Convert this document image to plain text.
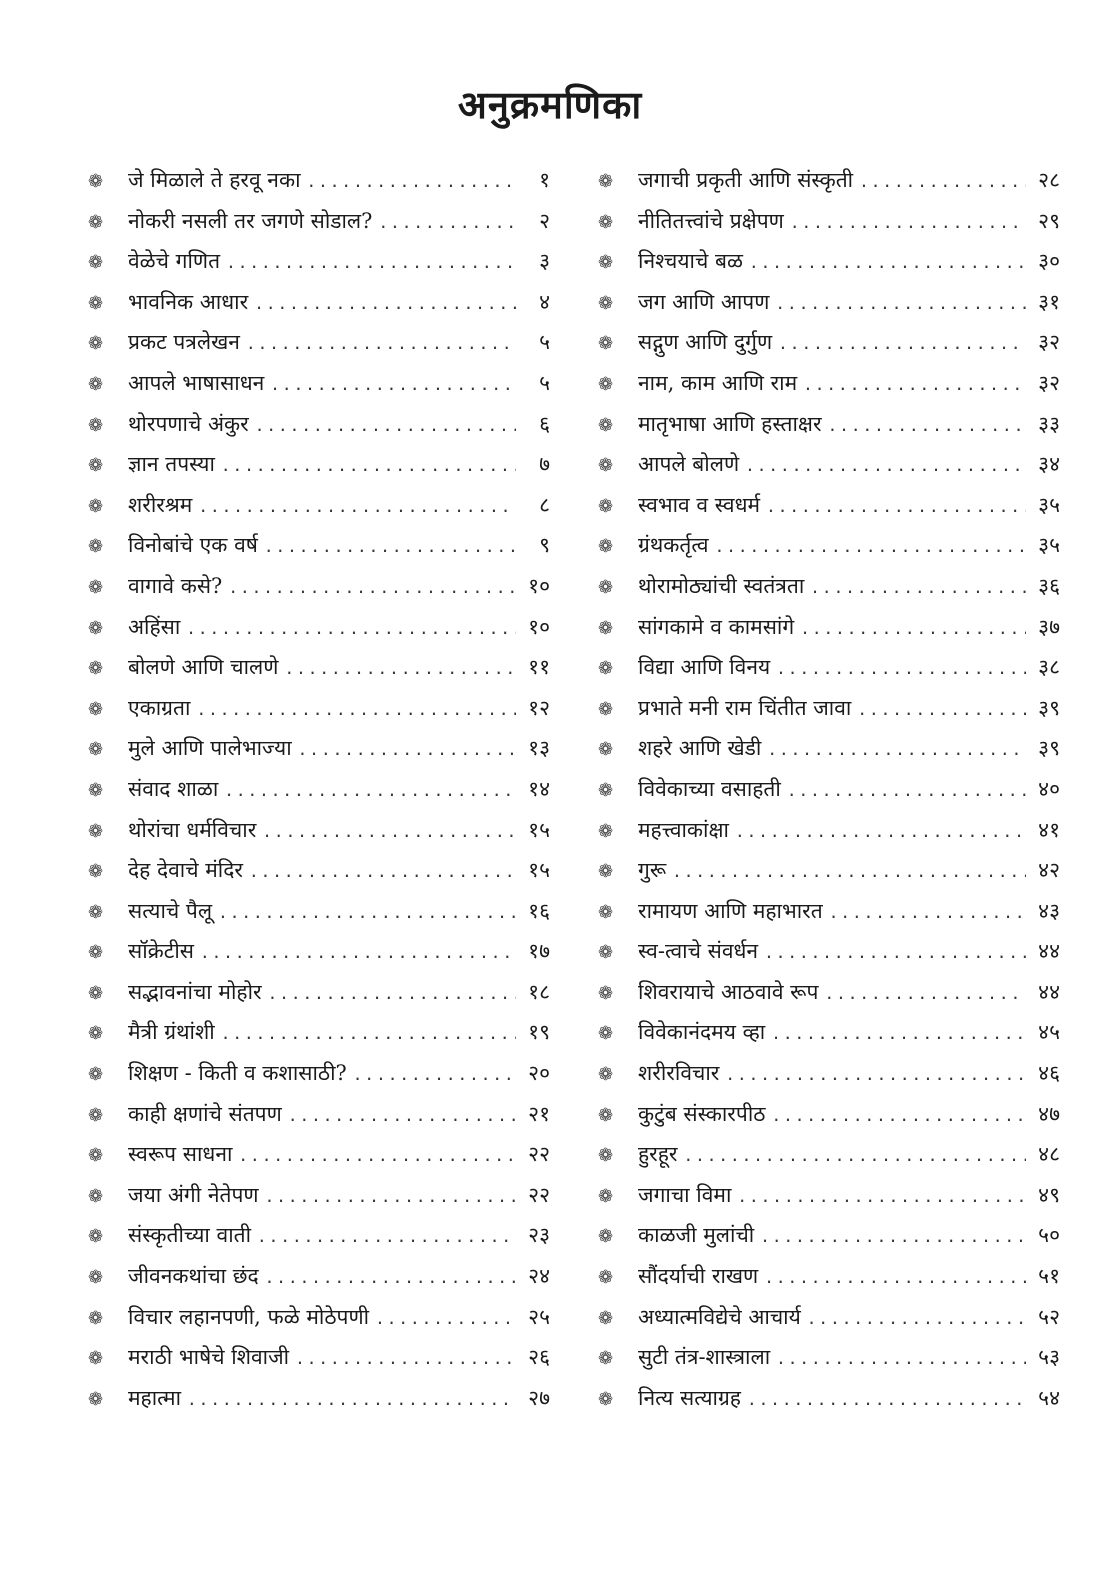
अनुक्रमणिका
❁	जे मिळाले ते हरवू नका .....	१
❁	नोकरी नसली तर जगणे सोडाल? .....	२
❁	वेळेचे गणित .....	३
❁	भावनिक आधार .....	४
❁	प्रकट पत्रलेखन .....	५
❁	आपले भाषासाधन .....	५
❁	थोरपणाचे अंकुर .....	६
❁	ज्ञान तपस्या .....	७
❁	शरीरश्रम .....	८
❁	विनोबांचे एक वर्ष .....	९
❁	वागावे कसे? .....	१०
❁	अहिंसा .....	१०
❁	बोलणे आणि चालणे .....	११
❁	एकाग्रता .....	१२
❁	मुले आणि पालेभाज्या .....	१३
❁	संवाद शाळा .....	१४
❁	थोरांचा धर्मविचार .....	१५
❁	देह देवाचे मंदिर .....	१५
❁	सत्याचे पैलू .....	१६
❁	सॉक्रेटीस .....	१७
❁	सद्भावनांचा मोहोर .....	१८
❁	मैत्री ग्रंथांशी .....	१९
❁	शिक्षण - किती व कशासाठी? .....	२०
❁	काही क्षणांचे संतपण .....	२१
❁	स्वरूप साधना .....	२२
❁	जया अंगी नेतेपण .....	२२
❁	संस्कृतीच्या वाती .....	२३
❁	जीवनकथांचा छंद .....	२४
❁	विचार लहानपणी, फळे मोठेपणी .....	२५
❁	मराठी भाषेचे शिवाजी .....	२६
❁	महात्मा .....	२७
❁	जगाची प्रकृती आणि संस्कृती .....	२८
❁	नीतितत्त्वांचे प्रक्षेपण .....	२९
❁	निश्चयाचे बळ .....	३०
❁	जग आणि आपण .....	३१
❁	सद्गुण आणि दुर्गुण .....	३२
❁	नाम, काम आणि राम .....	३२
❁	मातृभाषा आणि हस्ताक्षर .....	३३
❁	आपले बोलणे .....	३४
❁	स्वभाव व स्वधर्म .....	३५
❁	ग्रंथकर्तृत्व .....	३५
❁	थोरामोठ्यांची स्वतंत्रता .....	३६
❁	सांगकामे व कामसांगे .....	३७
❁	विद्या आणि विनय .....	३८
❁	प्रभाते मनी राम चिंतीत जावा .....	३९
❁	शहरे आणि खेडी .....	३९
❁	विवेकाच्या वसाहती .....	४०
❁	महत्त्वाकांक्षा .....	४१
❁	गुरू .....	४२
❁	रामायण आणि महाभारत .....	४३
❁	स्व-त्वाचे संवर्धन .....	४४
❁	शिवरायाचे आठवावे रूप .....	४४
❁	विवेकानंदमय व्हा .....	४५
❁	शरीरविचार .....	४६
❁	कुटुंब संस्कारपीठ .....	४७
❁	हुरहूर .....	४८
❁	जगाचा विमा .....	४९
❁	काळजी मुलांची .....	५०
❁	सौंदर्याची राखण .....	५१
❁	अध्यात्मविद्येचे आचार्य .....	५२
❁	सुटी तंत्र-शास्त्राला .....	५३
❁	नित्य सत्याग्रह .....	५४
